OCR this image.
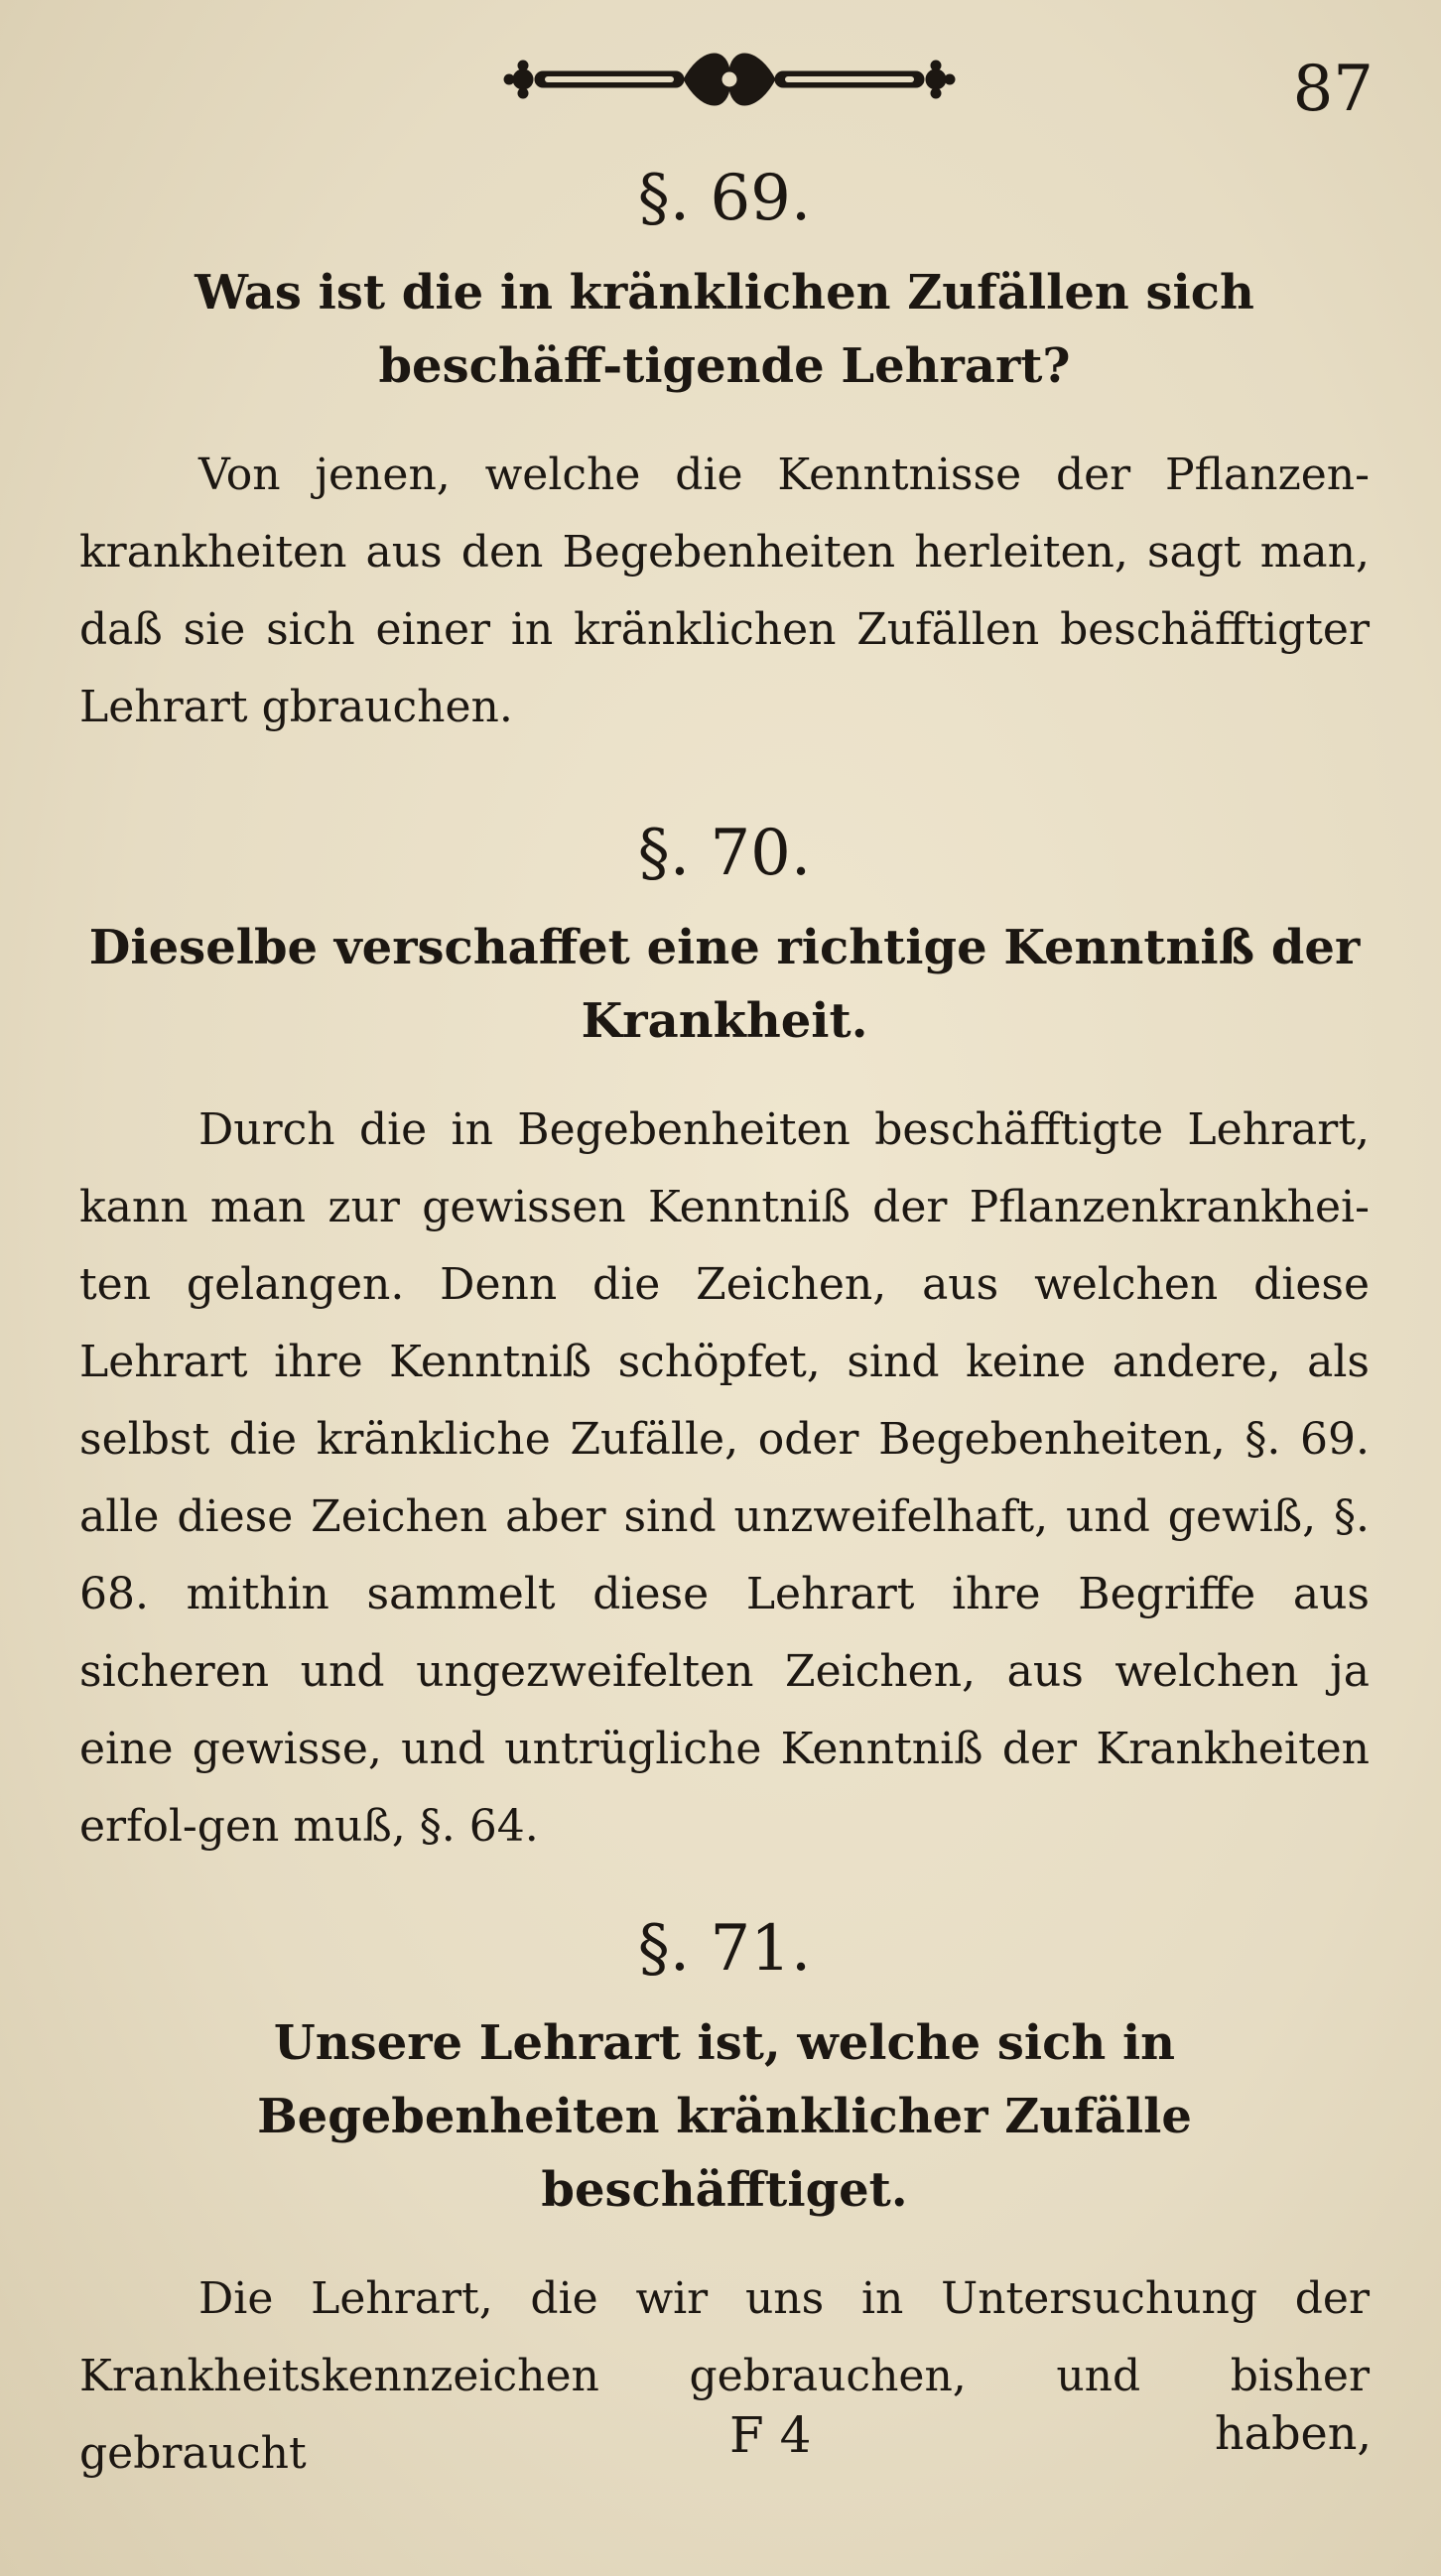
87
§. 69.
Was ist die in kränklichen Zufällen sich beschäff-tigende Lehrart?

Von jenen, welche die Kenntnisse der Pflanzen-krankheiten aus den Begebenheiten herleiten, sagt man, daß sie sich einer in kränklichen Zufällen beschäfftigter Lehrart gbrauchen.

§. 70.
Dieselbe verschaffet eine richtige Kenntniß der Krankheit.

Durch die in Begebenheiten beschäfftigte Lehrart, kann man zur gewissen Kenntniß der Pflanzenkrankhei-ten gelangen. Denn die Zeichen, aus welchen diese Lehrart ihre Kenntniß schöpfet, sind keine andere, als selbst die kränkliche Zufälle, oder Begebenheiten, §. 69. alle diese Zeichen aber sind unzweifelhaft, und gewiß, §. 68. mithin sammelt diese Lehrart ihre Begriffe aus sicheren und ungezweifelten Zeichen, aus welchen ja eine gewisse, und untrügliche Kenntniß der Krankheiten erfol-gen muß, §. 64.

§. 71.
Unsere Lehrart ist, welche sich in Begebenheiten kränklicher Zufälle beschäfftiget.

Die Lehrart, die wir uns in Untersuchung der Krankheitskennzeichen gebrauchen, und bisher gebraucht	F 4	haben,
